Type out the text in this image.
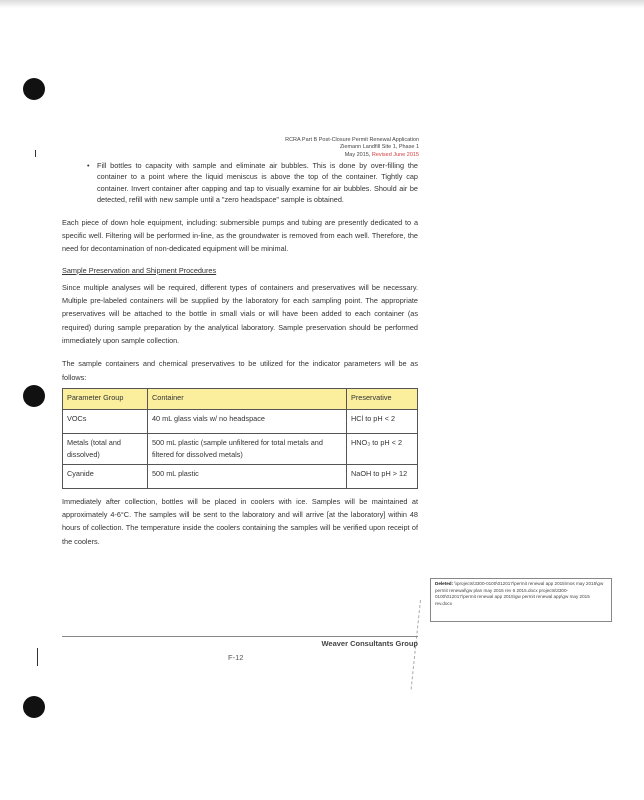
RCRA Part B Post-Closure Permit Renewal Application
Ziemann Landfill Site 1, Phase 1
May 2015, Revised June 2015
•	Fill bottles to capacity with sample and eliminate air bubbles. This is done by over-filling the container to a point where the liquid meniscus is above the top of the container. Tightly cap container. Invert container after capping and tap to visually examine for air bubbles. Should air be detected, refill with new sample until a "zero headspace" sample is obtained.
Each piece of down hole equipment, including: submersible pumps and tubing are presently dedicated to a specific well. Filtering will be performed in-line, as the groundwater is removed from each well. Therefore, the need for decontamination of non-dedicated equipment will be minimal.
Sample Preservation and Shipment Procedures
Since multiple analyses will be required, different types of containers and preservatives will be necessary. Multiple pre-labeled containers will be supplied by the laboratory for each sampling point. The appropriate preservatives will be attached to the bottle in small vials or will have been added to each container (as required) during sample preparation by the analytical laboratory. Sample preservation should be performed immediately upon sample collection.
The sample containers and chemical preservatives to be utilized for the indicator parameters will be as follows:
Parameter Group	Container	Preservative
VOCs	40 mL glass vials w/ no headspace	HCl to pH < 2
Metals (total and dissolved)	500 mL plastic (sample unfiltered for total metals and filtered for dissolved metals)	HNO₃ to pH < 2
Cyanide	500 mL plastic	NaOH to pH > 12
Immediately after collection, bottles will be placed in coolers with ice. Samples will be maintained at approximately 4-6°C. The samples will be sent to the laboratory and will arrive [at the laboratory] within 48 hours of collection. The temperature inside the coolers containing the samples will be verified upon receipt of the coolers.
Deleted: \\projects\3300-0100\012017\permit renewal app 2015\mos may 2015\gw permit renewal\gw plan may 2015 rev 6 2015.docx projects\3300-0100\012017\permit renewal app 2015\gw permit renewal app\gw may 2015 rev.docx
Weaver Consultants Group
F-12
